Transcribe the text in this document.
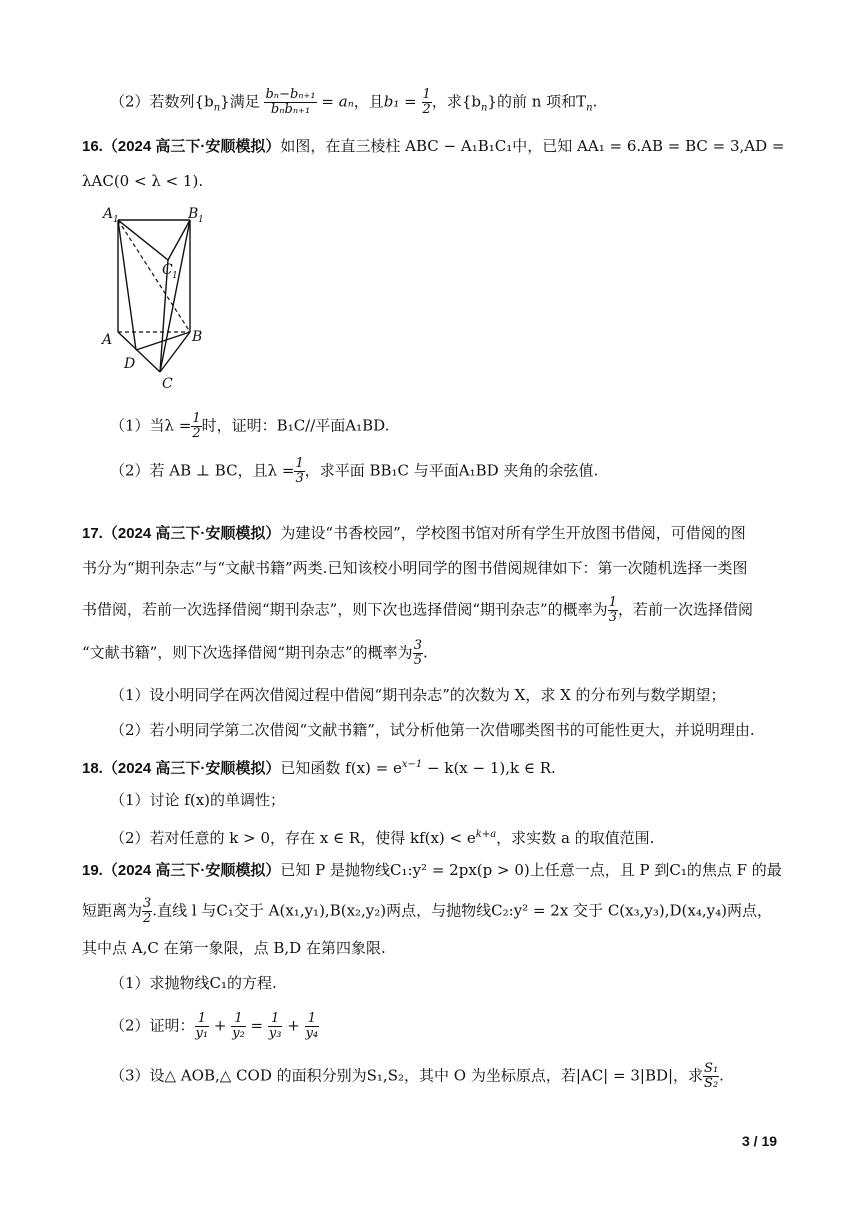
（2）若数列$\{b_n\}$满足 bₙ−bₙ₊₁
bₙbₙ₊₁ = aₙ，且$b_1 = \frac{1}{2}$ ，求$\{b_n\}$的前 n 项和$T_n$.
16.（2024 高三下·安顺模拟）如图，在直三棱柱 ABC − A₁B₁C₁中，已知 AA₁ = 6.AB = BC = 3,AD =
λAC(0 < λ < 1).
A 1	B 1
C 1
A	B
D
C
（1）当$\lambda = \frac{1}{2}$ 时，证明：B₁C//平面A₁BD.
（2）若 AB ⊥ BC，且$\lambda = \frac{1}{3}$ ，求平面 BB₁C 与平面A₁BD 夹角的余弦值.
17.（2024 高三下·安顺模拟）为建设“书香校园”，学校图书馆对所有学生开放图书借阅，可借阅的图
书分为“期刊杂志”与“文献书籍”两类.已知该校小明同学的图书借阅规律如下：第一次随机选择一类图
书借阅，若前一次选择借阅“期刊杂志”，则下次也选择借阅“期刊杂志”的概率为 $\frac{1}{3}$ ，若前一次选择借阅
“文献书籍”，则下次选择借阅“期刊杂志”的概率为 $\frac{3}{5}$ .
（1）设小明同学在两次借阅过程中借阅“期刊杂志”的次数为 X，求 X 的分布列与数学期望；
（2）若小明同学第二次借阅“文献书籍”，试分析他第一次借哪类图书的可能性更大，并说明理由.
18.（2024 高三下·安顺模拟）已知函数 $f(x) = e^{x-1} - k(x - 1),k$ ∈ R.
（1）讨论 f(x)的单调性；
（2）若对任意的 k > 0，存在 x ∈ R，使得 $kf(x) < e^{k+a}$，求实数 a 的取值范围.
19.（2024 高三下·安顺模拟）已知 P 是抛物线C₁:y² = 2px(p > 0)上任意一点，且 P 到C₁的焦点 F 的最
短距离为 $\frac{3}{2}$ .直线 l 与C₁交于 A(x₁,y₁),B(x₂,y₂)两点，与抛物线C₂:y² = 2x 交于 C(x₃,y₃),D(x₄,y₄)两点，
其中点 A,C 在第一象限，点 B,D 在第四象限.
（1）求抛物线C₁的方程.
（2）证明： $\frac{1}{\text{y₁}} + \frac{1}{\text{y₂}} = \frac{1}{\text{y₃}} + \frac{1}{\text{y₄}}$
（3）设△ AOB,△ COD 的面积分别为S₁,S₂，其中 O 为坐标原点，若|AC| = 3|BD|，求 $\frac{\text{S₁}}{\text{S₂}}$ .
3 / 19
